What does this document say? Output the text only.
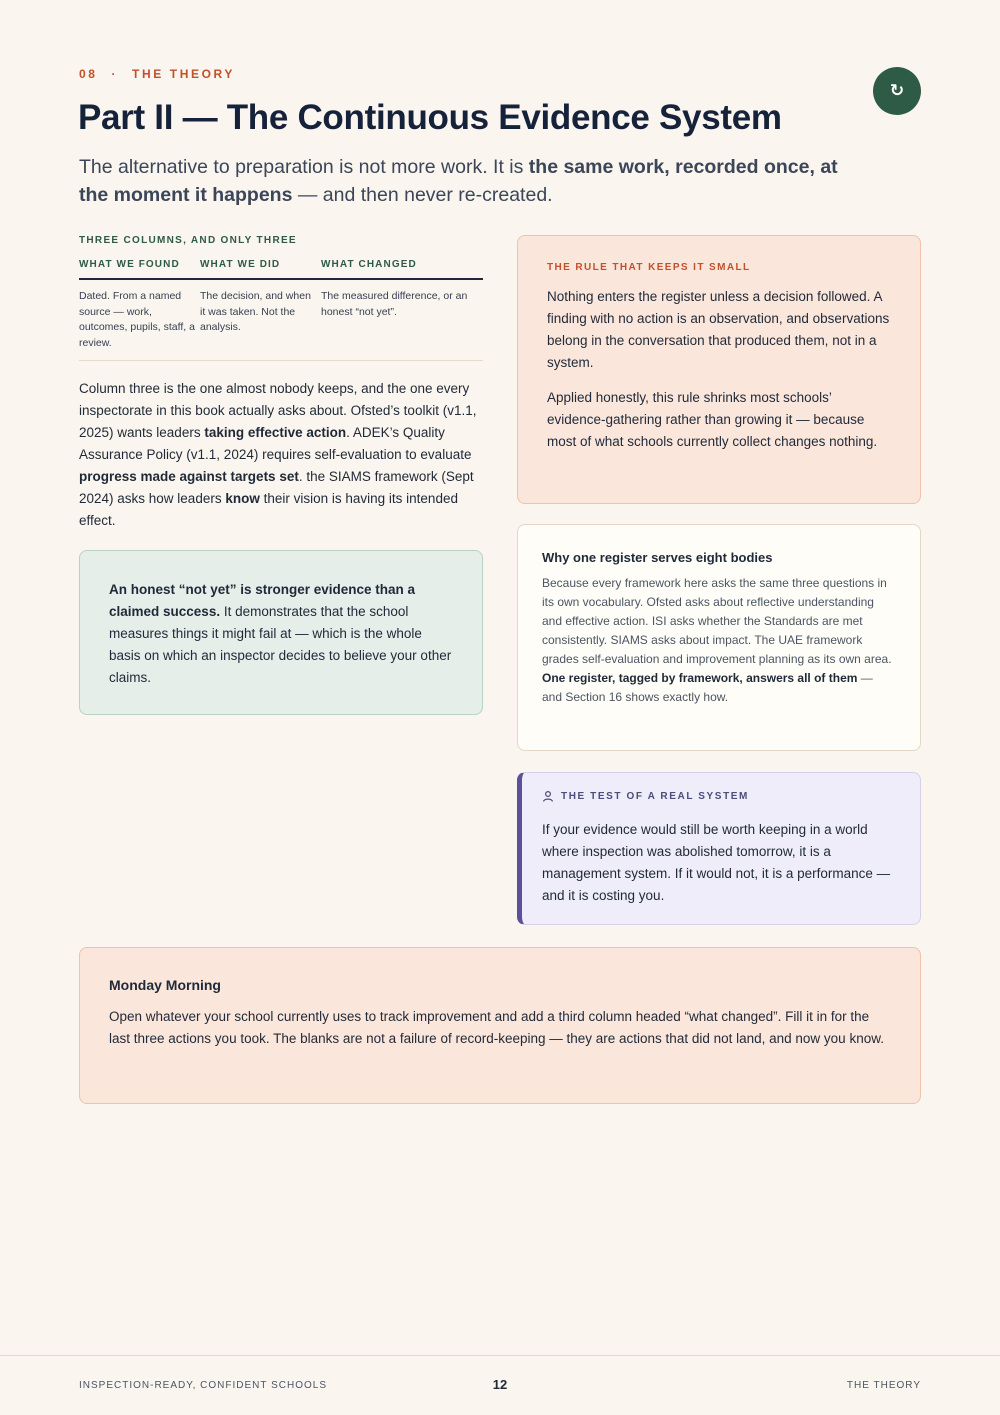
08 · THE THEORY
↻
Part II — The Continuous Evidence System

The alternative to preparation is not more work. It is the same work, recorded once, at the moment it happens — and then never re-created.

THREE COLUMNS, AND ONLY THREE
WHAT WE FOUND	WHAT WE DID	WHAT CHANGED
Dated. From a named source — work, outcomes, pupils, staff, a review.	The decision, and when it was taken. Not the analysis.	The measured difference, or an honest “not yet”.

Column three is the one almost nobody keeps, and the one every inspectorate in this book actually asks about. Ofsted’s toolkit (v1.1, 2025) wants leaders taking effective action. ADEK’s Quality Assurance Policy (v1.1, 2024) requires self-evaluation to evaluate progress made against targets set. the SIAMS framework (Sept 2024) asks how leaders know their vision is having its intended effect.

An honest “not yet” is stronger evidence than a claimed success. It demonstrates that the school measures things it might fail at — which is the whole basis on which an inspector decides to believe your other claims.

THE RULE THAT KEEPS IT SMALL

Nothing enters the register unless a decision followed. A finding with no action is an observation, and observations belong in the conversation that produced them, not in a system.

Applied honestly, this rule shrinks most schools’ evidence-gathering rather than growing it — because most of what schools currently collect changes nothing.

Why one register serves eight bodies

Because every framework here asks the same three questions in its own vocabulary. Ofsted asks about reflective understanding and effective action. ISI asks whether the Standards are met consistently. SIAMS asks about impact. The UAE framework grades self-evaluation and improvement planning as its own area. One register, tagged by framework, answers all of them — and Section 16 shows exactly how.

THE TEST OF A REAL SYSTEM

If your evidence would still be worth keeping in a world where inspection was abolished tomorrow, it is a management system. If it would not, it is a performance — and it is costing you.

Monday Morning

Open whatever your school currently uses to track improvement and add a third column headed “what changed”. Fill it in for the last three actions you took. The blanks are not a failure of record-keeping — they are actions that did not land, and now you know.

INSPECTION-READY, CONFIDENT SCHOOLS	12	THE THEORY
